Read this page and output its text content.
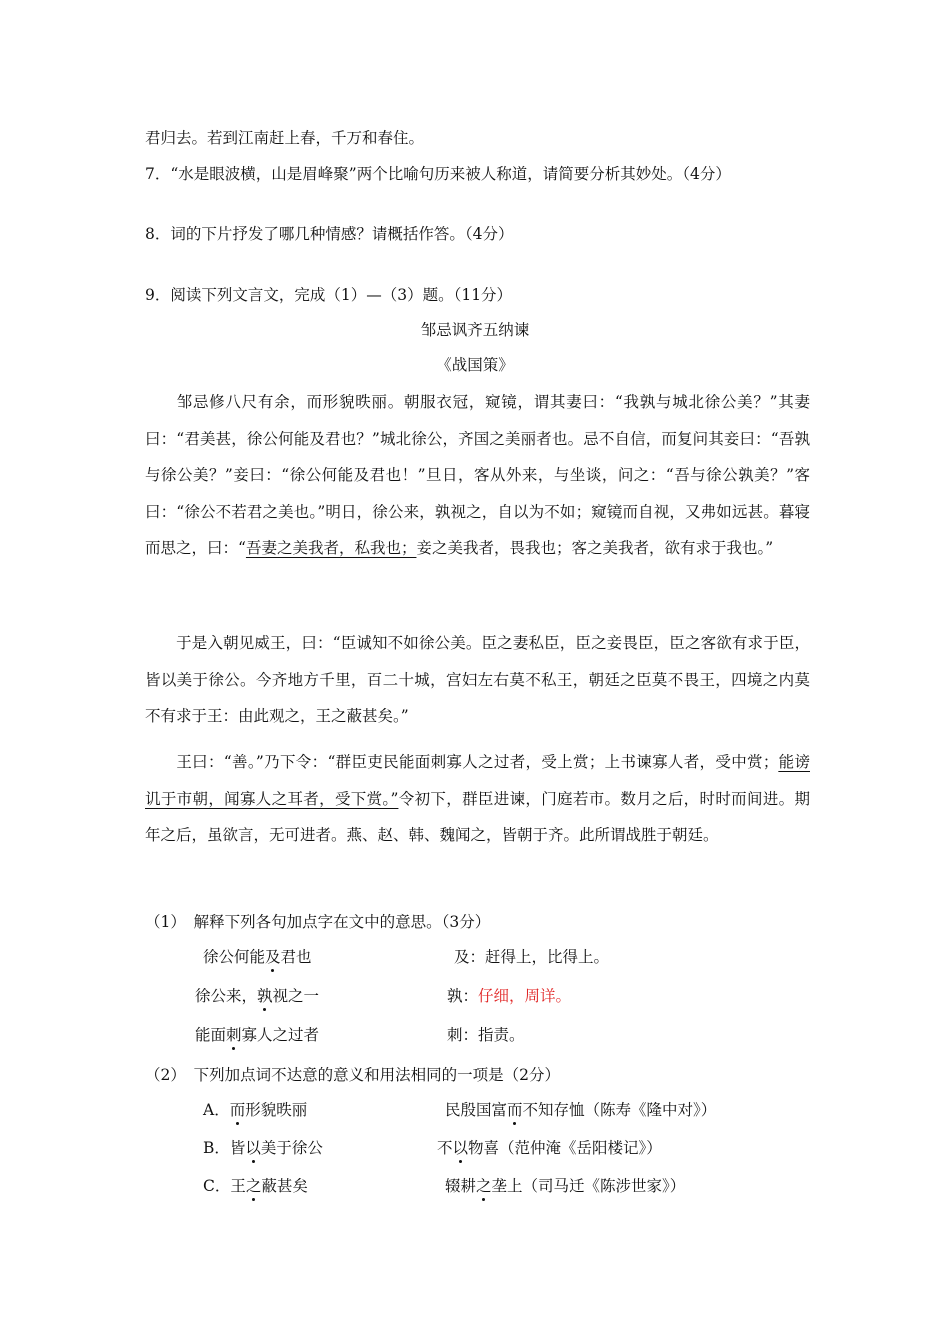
君归去。若到江南赶上春，千万和春住。
7．“水是眼波横，山是眉峰聚”两个比喻句历来被人称道，请简要分析其妙处。（4分）
8．词的下片抒发了哪几种情感？请概括作答。（4分）
9．阅读下列文言文，完成（1）—（3）题。（11分）
邹忌讽齐五纳谏
《战国策》
邹忌修八尺有余，而形貌昳丽。朝服衣冠，窥镜，谓其妻曰：“我孰与城北徐公美？”其妻曰：“君美甚，徐公何能及君也？”城北徐公，齐国之美丽者也。忌不自信，而复问其妾曰：“吾孰与徐公美？”妾曰：“徐公何能及君也！”旦日，客从外来，与坐谈，问之：“吾与徐公孰美？”客曰：“徐公不若君之美也。”明日，徐公来，孰视之，自以为不如；窥镜而自视，又弗如远甚。暮寝而思之，曰：“吾妻之美我者，私我也；妾之美我者，畏我也；客之美我者，欲有求于我也。”
于是入朝见威王，曰：“臣诚知不如徐公美。臣之妻私臣，臣之妾畏臣，臣之客欲有求于臣，皆以美于徐公。今齐地方千里，百二十城，宫妇左右莫不私王，朝廷之臣莫不畏王，四境之内莫不有求于王：由此观之，王之蔽甚矣。”
王曰：“善。”乃下令：“群臣吏民能面刺寡人之过者，受上赏；上书谏寡人者，受中赏；能谤讥于市朝，闻寡人之耳者，受下赏。”令初下，群臣进谏，门庭若市。数月之后，时时而间进。期年之后，虽欲言，无可进者。燕、赵、韩、魏闻之，皆朝于齐。此所谓战胜于朝廷。
（1）　解释下列各句加点字在文中的意思。（3分）
徐公何能及君也	及：赶得上，比得上。
徐公来，孰视之一	孰：仔细，周详。
能面刺寡人之过者	刺：指责。
（2）　下列加点词不达意的意义和用法相同的一项是（2分）
A．而形貌昳丽	民殷国富而不知存恤（陈寿《隆中对》）
B．皆以美于徐公	不以物喜（范仲淹《岳阳楼记》）
C．王之蔽甚矣	辍耕之垄上（司马迁《陈涉世家》）
